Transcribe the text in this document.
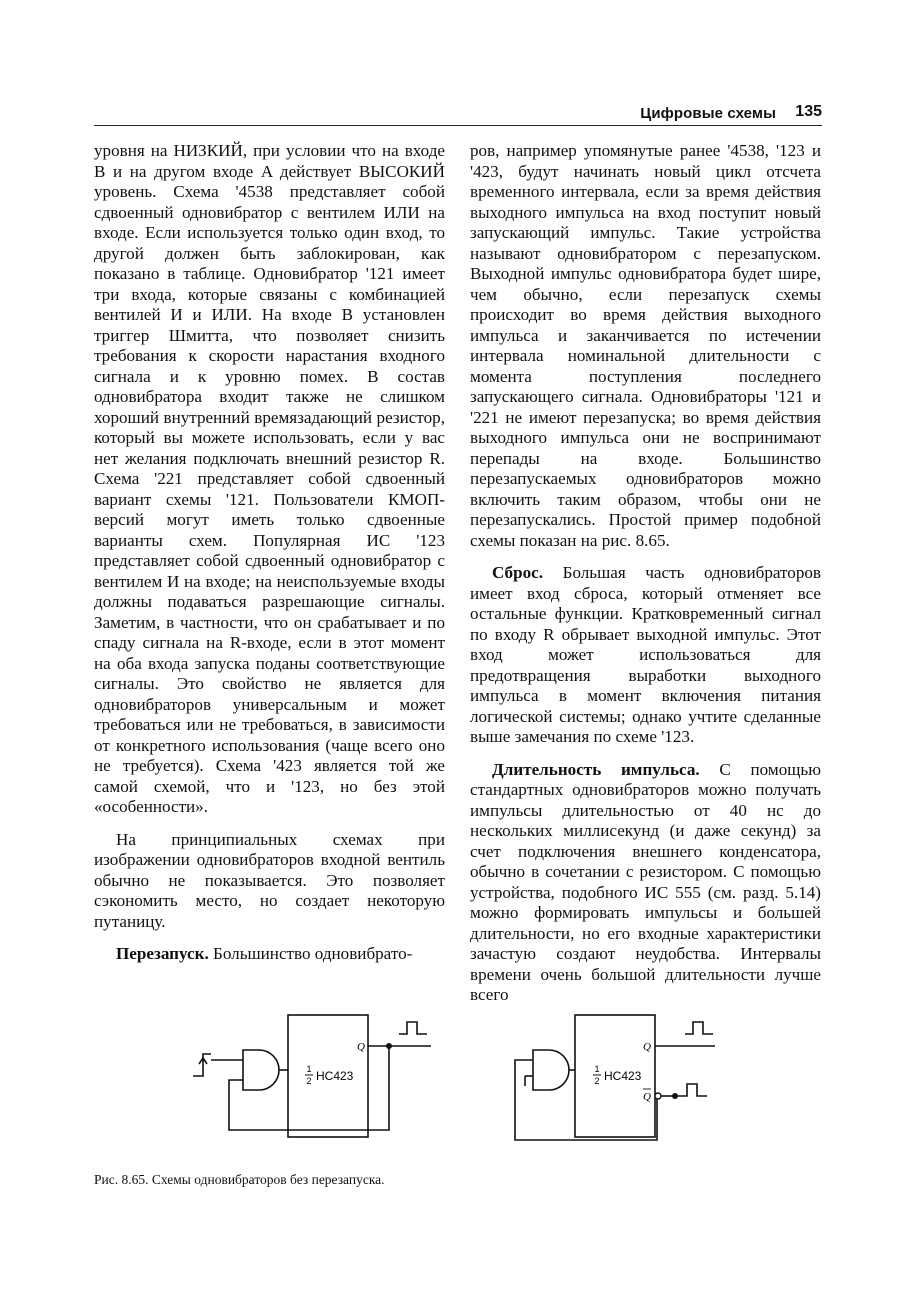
Цифровые схемы 135

уровня на НИЗКИЙ, при условии что на входе B и на другом входе A действует ВЫСОКИЙ уровень. Схема '4538 представляет собой сдвоенный одновибратор с вентилем ИЛИ на входе. Если используется только один вход, то другой должен быть заблокирован, как показано в таблице. Одновибратор '121 имеет три входа, которые связаны с комбинацией вентилей И и ИЛИ. На входе B установлен триггер Шмитта, что позволяет снизить требования к скорости нарастания входного сигнала и к уровню помех. В состав одновибратора входит также не слишком хороший внутренний времязадающий резистор, который вы можете использовать, если у вас нет желания подключать внешний резистор R. Схема '221 представляет собой сдвоенный вариант схемы '121. Пользователи КМОП-версий могут иметь только сдвоенные варианты схем. Популярная ИС '123 представляет собой сдвоенный одновибратор с вентилем И на входе; на неиспользуемые входы должны подаваться разрешающие сигналы. Заметим, в частности, что он срабатывает и по спаду сигнала на R-входе, если в этот момент на оба входа запуска поданы соответствующие сигналы. Это свойство не является для одновибраторов универсальным и может требоваться или не требоваться, в зависимости от конкретного использования (чаще всего оно не требуется). Схема '423 является той же самой схемой, что и '123, но без этой «особенности».

На принципиальных схемах при изображении одновибраторов входной вентиль обычно не показывается. Это позволяет сэкономить место, но создает некоторую путаницу.

Перезапуск. Большинство одновибрато-

ров, например упомянутые ранее '4538, '123 и '423, будут начинать новый цикл отсчета временного интервала, если за время действия выходного импульса на вход поступит новый запускающий импульс. Такие устройства называют одновибратором с перезапуском. Выходной импульс одновибратора будет шире, чем обычно, если перезапуск схемы происходит во время действия выходного импульса и заканчивается по истечении интервала номинальной длительности с момента поступления последнего запускающего сигнала. Одновибраторы '121 и '221 не имеют перезапуска; во время действия выходного импульса они не воспринимают перепады на входе. Большинство перезапускаемых одновибраторов можно включить таким образом, чтобы они не перезапускались. Простой пример подобной схемы показан на рис. 8.65.

Сброс. Большая часть одновибраторов имеет вход сброса, который отменяет все остальные функции. Кратковременный сигнал по входу R обрывает выходной импульс. Этот вход может использоваться для предотвращения выработки выходного импульса в момент включения питания логической системы; однако учтите сделанные выше замечания по схеме '123.

Длительность импульса. С помощью стандартных одновибраторов можно получать импульсы длительностью от 40 нс до нескольких миллисекунд (и даже секунд) за счет подключения внешнего конденсатора, обычно в сочетании с резистором. С помощью устройства, подобного ИС 555 (см. разд. 5.14) можно формировать импульсы и большей длительности, но его входные характеристики зачастую создают неудобства. Интервалы времени очень большой длительности лучше всего

Q
1
2 HC423
Q
Q
1
2 HC423
Рис. 8.65. Схемы одновибраторов без перезапуска.
